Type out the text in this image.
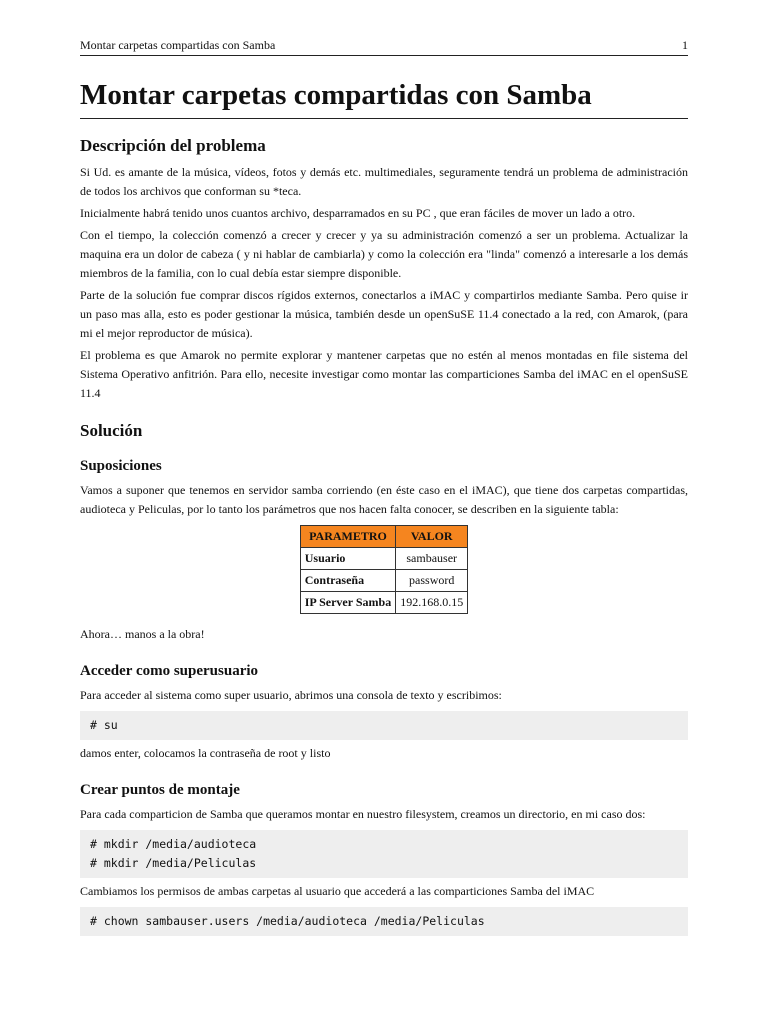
Montar carpetas compartidas con Samba	1
Montar carpetas compartidas con Samba
Descripción del problema

Si Ud. es amante de la música, vídeos, fotos y demás etc. multimediales, seguramente tendrá un problema de administración de todos los archivos que conforman su *teca.

Inicialmente habrá tenido unos cuantos archivo, desparramados en su PC , que eran fáciles de mover un lado a otro.

Con el tiempo, la colección comenzó a crecer y crecer y ya su administración comenzó a ser un problema. Actualizar la maquina era un dolor de cabeza ( y ni hablar de cambiarla) y como la colección era "linda" comenzó a interesarle a los demás miembros de la familia, con lo cual debía estar siempre disponible.

Parte de la solución fue comprar discos rígidos externos, conectarlos a iMAC y compartirlos mediante Samba. Pero quise ir un paso mas alla, esto es poder gestionar la música, también desde un openSuSE 11.4 conectado a la red, con Amarok, (para mi el mejor reproductor de música).

El problema es que Amarok no permite explorar y mantener carpetas que no estén al menos montadas en file sistema del Sistema Operativo anfitrión. Para ello, necesite investigar como montar las comparticiones Samba del iMAC en el openSuSE 11.4

Solución
Suposiciones

Vamos a suponer que tenemos en servidor samba corriendo (en éste caso en el iMAC), que tiene dos carpetas compartidas, audioteca y Peliculas, por lo tanto los parámetros que nos hacen falta conocer, se describen en la siguiente tabla:

PARAMETRO	VALOR
Usuario	sambauser
Contraseña	password
IP Server Samba	192.168.0.15

Ahora… manos a la obra!

Acceder como superusuario

Para acceder al sistema como super usuario, abrimos una consola de texto y escribimos:

# su

damos enter, colocamos la contraseña de root y listo

Crear puntos de montaje

Para cada comparticion de Samba que queramos montar en nuestro filesystem, creamos un directorio, en mi caso dos:

# mkdir /media/audioteca
# mkdir /media/Peliculas

Cambiamos los permisos de ambas carpetas al usuario que accederá a las comparticiones Samba del iMAC

# chown sambauser.users /media/audioteca /media/Peliculas
